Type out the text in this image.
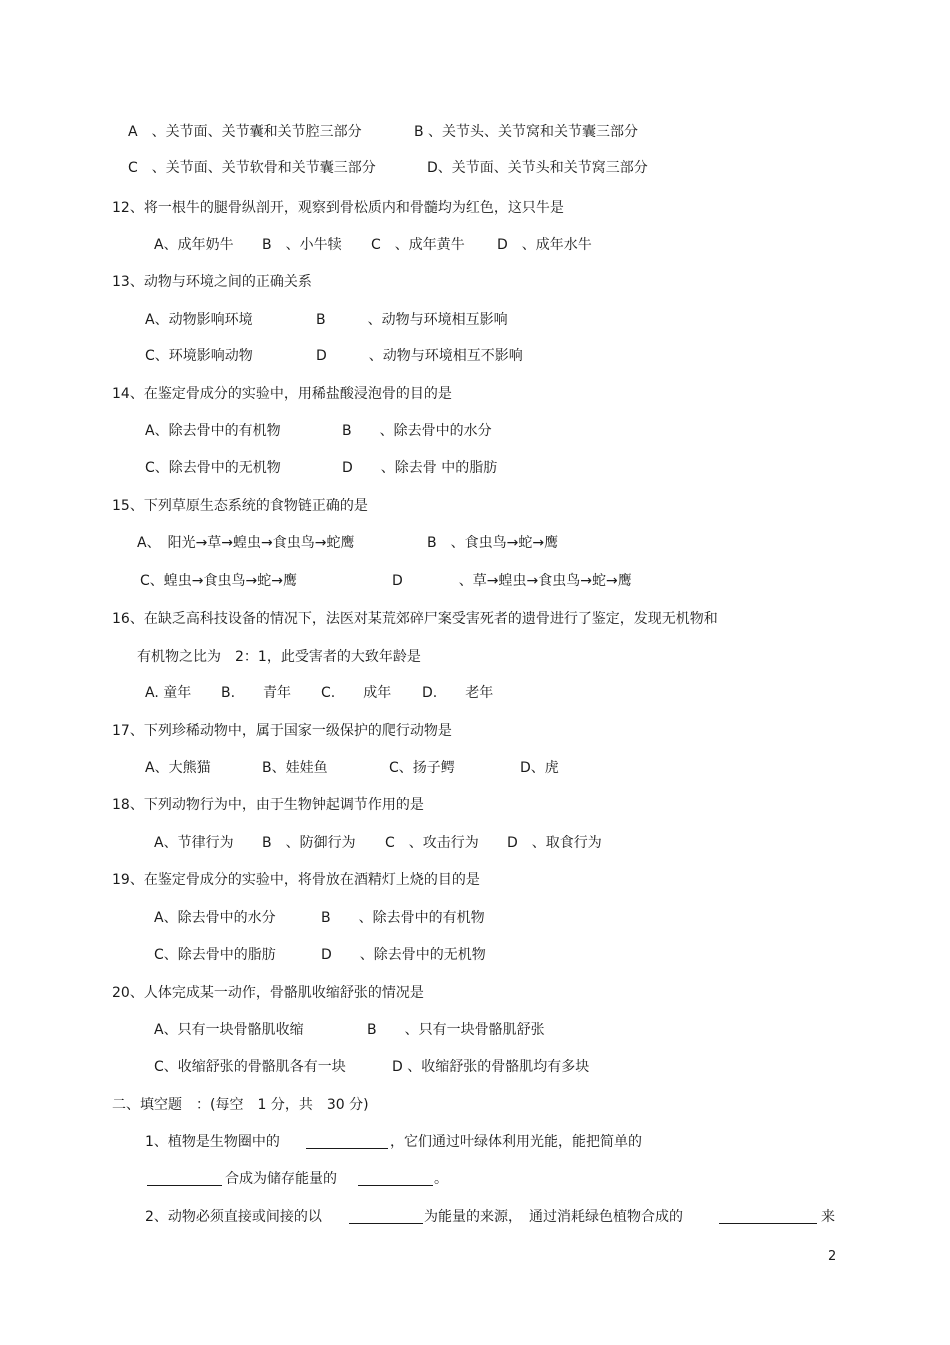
A　、关节面、关节囊和关节腔三部分	B 、关节头、关节窝和关节囊三部分
C　、关节面、关节软骨和关节囊三部分	D、关节面、关节头和关节窝三部分
12、将一根牛的腿骨纵剖开，观察到骨松质内和骨髓均为红色，这只牛是
A、成年奶牛 B　、小牛犊 C　、成年黄牛 D　、成年水牛
13、动物与环境之间的正确关系
A、动物影响环境	B　　　、动物与环境相互影响
C、环境影响动物	D　　　、动物与环境相互不影响
14、在鉴定骨成分的实验中，用稀盐酸浸泡骨的目的是
A、除去骨中的有机物	B　　、除去骨中的水分
C、除去骨中的无机物	D　　、除去骨 中的脂肪
15、下列草原生态系统的食物链正确的是
A、　阳光→草→蝗虫→食虫鸟→蛇鹰	B　、食虫鸟→蛇→鹰
C、蝗虫→食虫鸟→蛇→鹰	D　　　　、草→蝗虫→食虫鸟→蛇→鹰
16、在缺乏高科技设备的情况下，法医对某荒郊碎尸案受害死者的遗骨进行了鉴定，发现无机物和
有机物之比为　2：1，此受害者的大致年龄是
A. 童年 B.　　青年 C.　　成年 D.　　老年
17、下列珍稀动物中，属于国家一级保护的爬行动物是
A、大熊猫	B、娃娃鱼	C、扬子鳄	D、虎
18、下列动物行为中，由于生物钟起调节作用的是
A、节律行为 B　、防御行为 C　、攻击行为 D　、取食行为
19、在鉴定骨成分的实验中，将骨放在酒精灯上烧的目的是
A、除去骨中的水分	B　　、除去骨中的有机物
C、除去骨中的脂肪	D　　、除去骨中的无机物
20、人体完成某一动作，骨骼肌收缩舒张的情况是
A、只有一块骨骼肌收缩	B　　、只有一块骨骼肌舒张
C、收缩舒张的骨骼肌各有一块	D 、收缩舒张的骨骼肌均有多块
二、填空题　：(每空　1 分，共　30 分)
1、植物是生物圈中的	，它们通过叶绿体利用光能，能把简单的
合成为储存能量的	。
2、动物必须直接或间接的以	为能量的来源，　通过消耗绿色植物合成的	来
2
